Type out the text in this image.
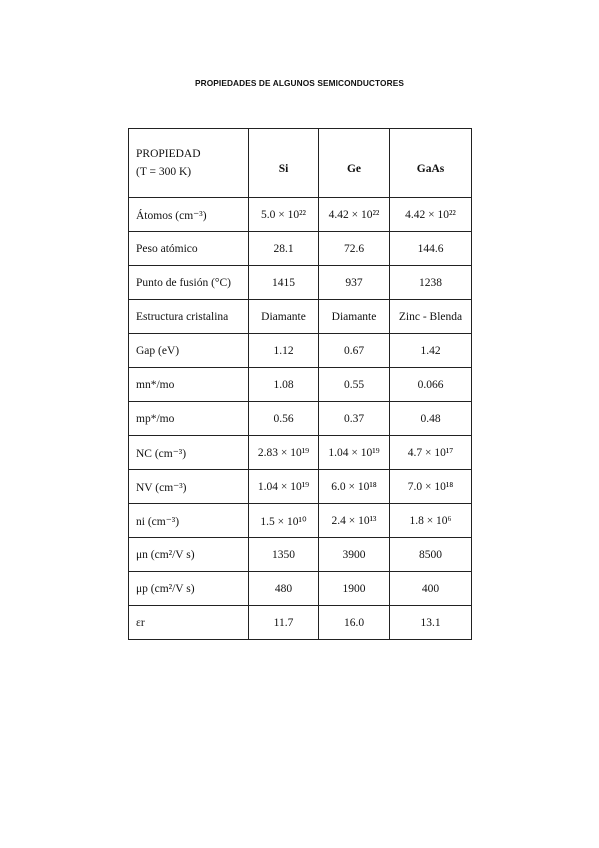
PROPIEDADES DE ALGUNOS SEMICONDUCTORES
PROPIEDAD
(T = 300 K)	Si	Ge	GaAs
Átomos (cm⁻³)	5.0 × 10²²	4.42 × 10²²	4.42 × 10²²
Peso atómico	28.1	72.6	144.6
Punto de fusión (°C)	1415	937	1238
Estructura cristalina	Diamante	Diamante	Zinc - Blenda
Gap (eV)	1.12	0.67	1.42
mn*/mo	1.08	0.55	0.066
mp*/mo	0.56	0.37	0.48
NC (cm⁻³)	2.83 × 10¹⁹	1.04 × 10¹⁹	4.7 × 10¹⁷
NV (cm⁻³)	1.04 × 10¹⁹	6.0 × 10¹⁸	7.0 × 10¹⁸
ni (cm⁻³)	1.5 × 10¹⁰	2.4 × 10¹³	1.8 × 10⁶
μn (cm²/V s)	1350	3900	8500
μp (cm²/V s)	480	1900	400
εr	11.7	16.0	13.1
